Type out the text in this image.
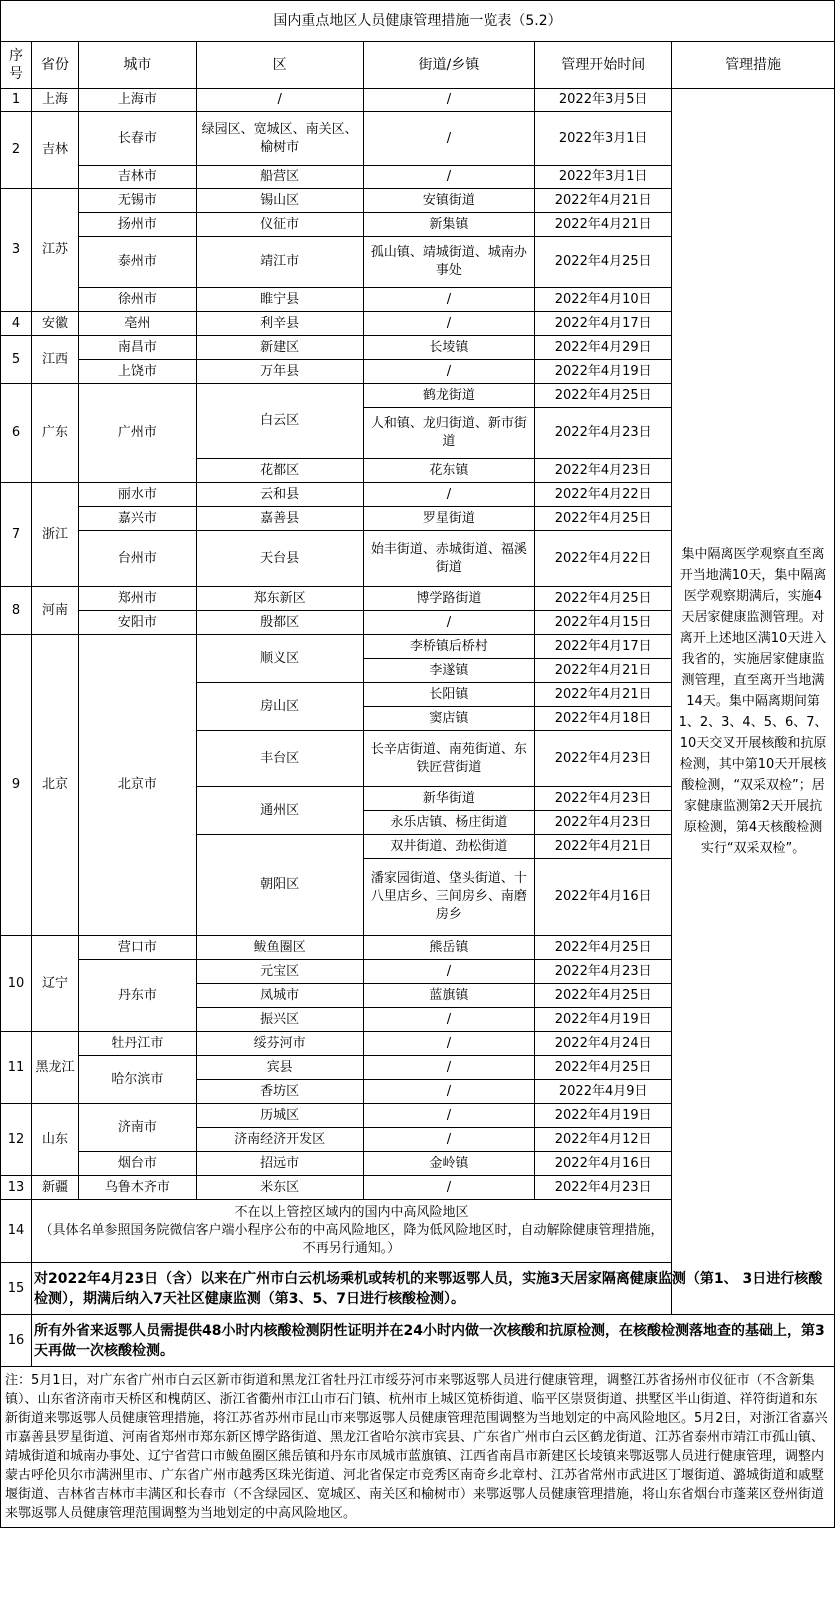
国内重点地区人员健康管理措施一览表（5.2）						
序号	省份	城市	区	街道/乡镇	管理开始时间	管理措施
1	上海	上海市	/	/	2022年3月5日	集中隔离医学观察直至离开当地满10天，集中隔离医学观察期满后，实施4天居家健康监测管理。对离开上述地区满10天进入我省的，实施居家健康监测管理，直至离开当地满14天。集中隔离期间第1、2、3、4、5、6、7、10天交叉开展核酸和抗原检测，其中第10天开展核酸检测，“双采双检”；居家健康监测第2天开展抗原检测，第4天核酸检测实行“双采双检”。
2	吉林	长春市	绿园区、宽城区、南关区、榆树市	/	2022年3月1日	
		吉林市	船营区	/	2022年3月1日	
3	江苏	无锡市	锡山区	安镇街道	2022年4月21日	
		扬州市	仪征市	新集镇	2022年4月21日	
		泰州市	靖江市	孤山镇、靖城街道、城南办事处	2022年4月25日	
		徐州市	睢宁县	/	2022年4月10日	
4	安徽	亳州	利辛县	/	2022年4月17日	
5	江西	南昌市	新建区	长堎镇	2022年4月29日	
		上饶市	万年县	/	2022年4月19日	
6	广东	广州市	白云区	鹤龙街道	2022年4月25日	
				人和镇、龙归街道、新市街道	2022年4月23日	
			花都区	花东镇	2022年4月23日	
7	浙江	丽水市	云和县	/	2022年4月22日	
		嘉兴市	嘉善县	罗星街道	2022年4月25日	
		台州市	天台县	始丰街道、赤城街道、福溪街道	2022年4月22日	
8	河南	郑州市	郑东新区	博学路街道	2022年4月25日	
		安阳市	殷都区	/	2022年4月15日	
9	北京	北京市	顺义区	李桥镇后桥村	2022年4月17日	
				李遂镇	2022年4月21日	
			房山区	长阳镇	2022年4月21日	
				窦店镇	2022年4月18日	
			丰台区	长辛店街道、南苑街道、东铁匠营街道	2022年4月23日	
			通州区	新华街道	2022年4月23日	
				永乐店镇、杨庄街道	2022年4月23日	
			朝阳区	双井街道、劲松街道	2022年4月21日	
				潘家园街道、垡头街道、十八里店乡、三间房乡、南磨房乡	2022年4月16日	
10	辽宁	营口市	鲅鱼圈区	熊岳镇	2022年4月25日	
		丹东市	元宝区	/	2022年4月23日	
			凤城市	蓝旗镇	2022年4月25日	
			振兴区	/	2022年4月19日	
11	黑龙江	牡丹江市	绥芬河市	/	2022年4月24日	
		哈尔滨市	宾县	/	2022年4月25日	
			香坊区	/	2022年4月9日	
12	山东	济南市	历城区	/	2022年4月19日	
			济南经济开发区	/	2022年4月12日	
		烟台市	招远市	金岭镇	2022年4月16日	
13	新疆	乌鲁木齐市	米东区	/	2022年4月23日	
14	不在以上管控区域内的国内中高风险地区
（具体名单参照国务院微信客户端小程序公布的中高风险地区，降为低风险地区时，自动解除健康管理措施，不再另行通知。）					

15	对2022年4月23日（含）以来在广州市白云机场乘机或转机的来鄂返鄂人员，实施3天居家隔离健康监测（第1、 3日进行核酸检测），期满后纳入7天社区健康监测（第3、5、7日进行核酸检测）。					
16	所有外省来返鄂人员需提供48小时内核酸检测阴性证明并在24小时内做一次核酸和抗原检测，在核酸检测落地查的基础上，第3天再做一次核酸检测。					
注：5月1日，对广东省广州市白云区新市街道和黑龙江省牡丹江市绥芬河市来鄂返鄂人员进行健康管理，调整江苏省扬州市仪征市（不含新集镇）、山东省济南市天桥区和槐荫区、浙江省衢州市江山市石门镇、杭州市上城区笕桥街道、临平区崇贤街道、拱墅区半山街道、祥符街道和东新街道来鄂返鄂人员健康管理措施，将江苏省苏州市昆山市来鄂返鄂人员健康管理范围调整为当地划定的中高风险地区。5月2日，对浙江省嘉兴市嘉善县罗星街道、河南省郑州市郑东新区博学路街道、黑龙江省哈尔滨市宾县、广东省广州市白云区鹤龙街道、江苏省泰州市靖江市孤山镇、靖城街道和城南办事处、辽宁省营口市鲅鱼圈区熊岳镇和丹东市凤城市蓝旗镇、江西省南昌市新建区长堎镇来鄂返鄂人员进行健康管理，调整内蒙古呼伦贝尔市满洲里市、广东省广州市越秀区珠光街道、河北省保定市竞秀区南奇乡北章村、江苏省常州市武进区丁堰街道、潞城街道和戚墅堰街道、吉林省吉林市丰满区和长春市（不含绿园区、宽城区、南关区和榆树市）来鄂返鄂人员健康管理措施，将山东省烟台市蓬莱区登州街道来鄂返鄂人员健康管理范围调整为当地划定的中高风险地区。						
